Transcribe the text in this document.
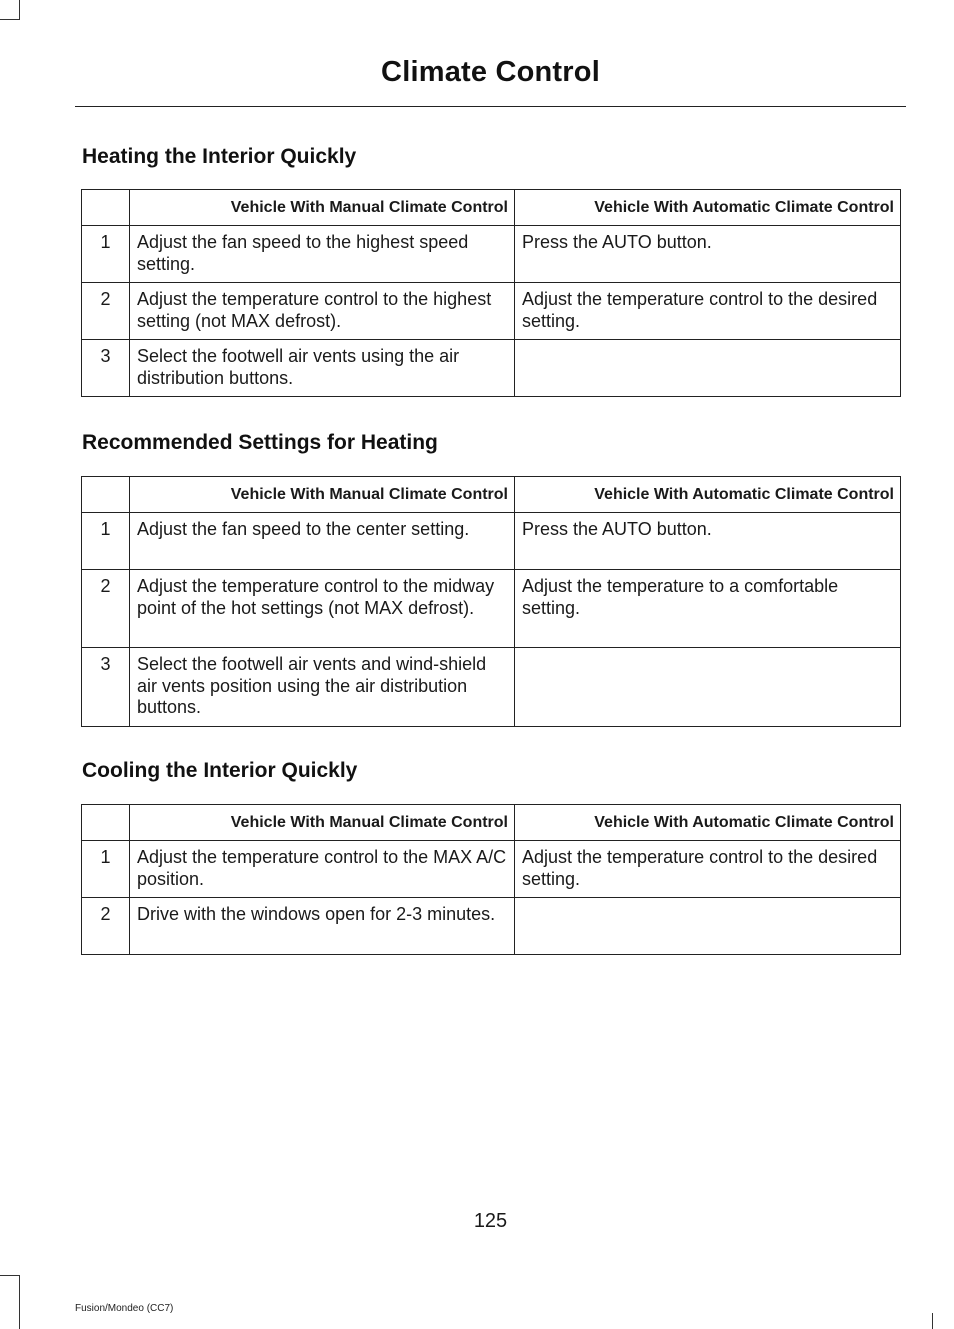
Climate Control
Heating the Interior Quickly
	Vehicle With Manual Climate Control	Vehicle With Automatic Climate Control
1	Adjust the fan speed to the highest speed setting.	Press the AUTO button.
2	Adjust the temperature control to the highest setting (not MAX defrost).	Adjust the temperature control to the desired setting.
3	Select the footwell air vents using the air distribution buttons.	
Recommended Settings for Heating
	Vehicle With Manual Climate Control	Vehicle With Automatic Climate Control
1	Adjust the fan speed to the center setting.	Press the AUTO button.
2	Adjust the temperature control to the midway point of the hot settings (not MAX defrost).	Adjust the temperature to a comfortable setting.
3	Select the footwell air vents and wind-shield air vents position using the air distribution buttons.	
Cooling the Interior Quickly
	Vehicle With Manual Climate Control	Vehicle With Automatic Climate Control
1	Adjust the temperature control to the MAX A/C position.	Adjust the temperature control to the desired setting.
2	Drive with the windows open for 2-3 minutes.	
125
Fusion/Mondeo (CC7)
